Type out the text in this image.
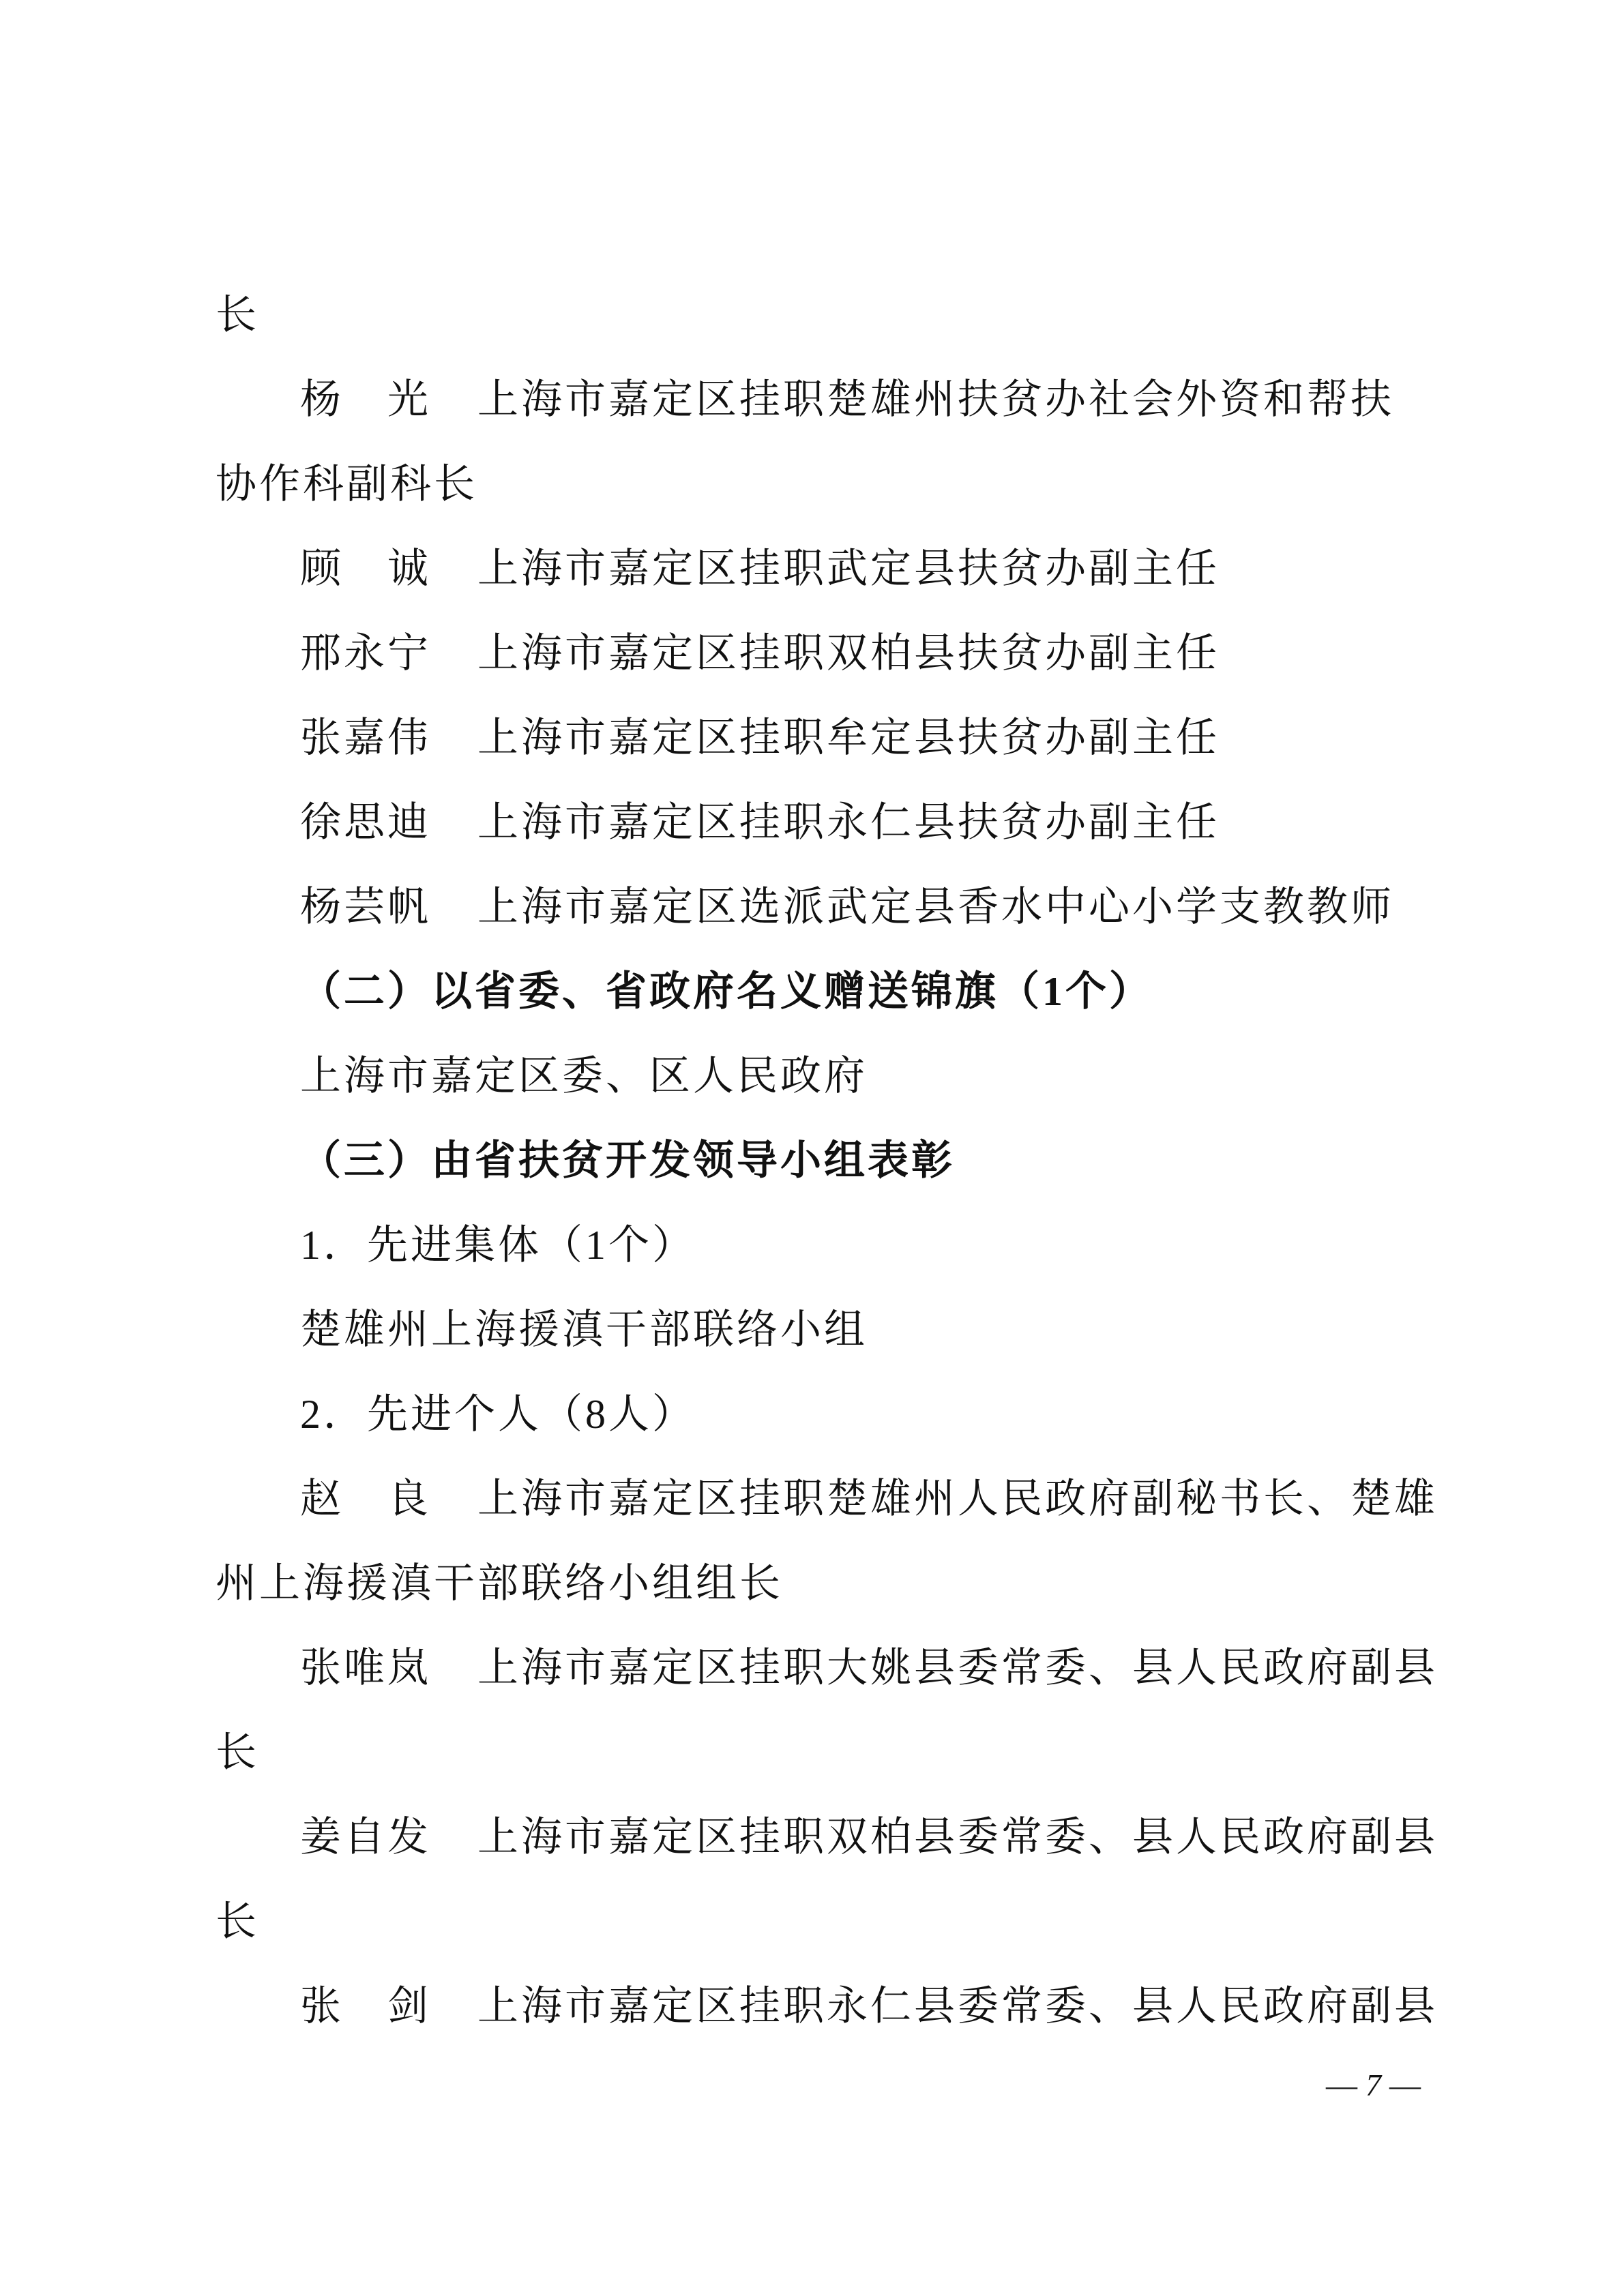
长
杨　光 上海市嘉定区挂职楚雄州扶贫办社会外资和帮扶
协作科副科长
顾　诚 上海市嘉定区挂职武定县扶贫办副主任
邢永宁 上海市嘉定区挂职双柏县扶贫办副主任
张嘉伟 上海市嘉定区挂职牟定县扶贫办副主任
徐思迪 上海市嘉定区挂职永仁县扶贫办副主任
杨芸帆 上海市嘉定区选派武定县香水中心小学支教教师
（二）以省委、省政府名义赠送锦旗（1个）
上海市嘉定区委、区人民政府
（三）由省扶贫开发领导小组表彰
1．先进集体（1个）
楚雄州上海援滇干部联络小组
2．先进个人（8人）
赵　良 上海市嘉定区挂职楚雄州人民政府副秘书长、楚雄
州上海援滇干部联络小组组长
张唯岚 上海市嘉定区挂职大姚县委常委、县人民政府副县
长
姜自发 上海市嘉定区挂职双柏县委常委、县人民政府副县
长
张　剑 上海市嘉定区挂职永仁县委常委、县人民政府副县
— 7 —
